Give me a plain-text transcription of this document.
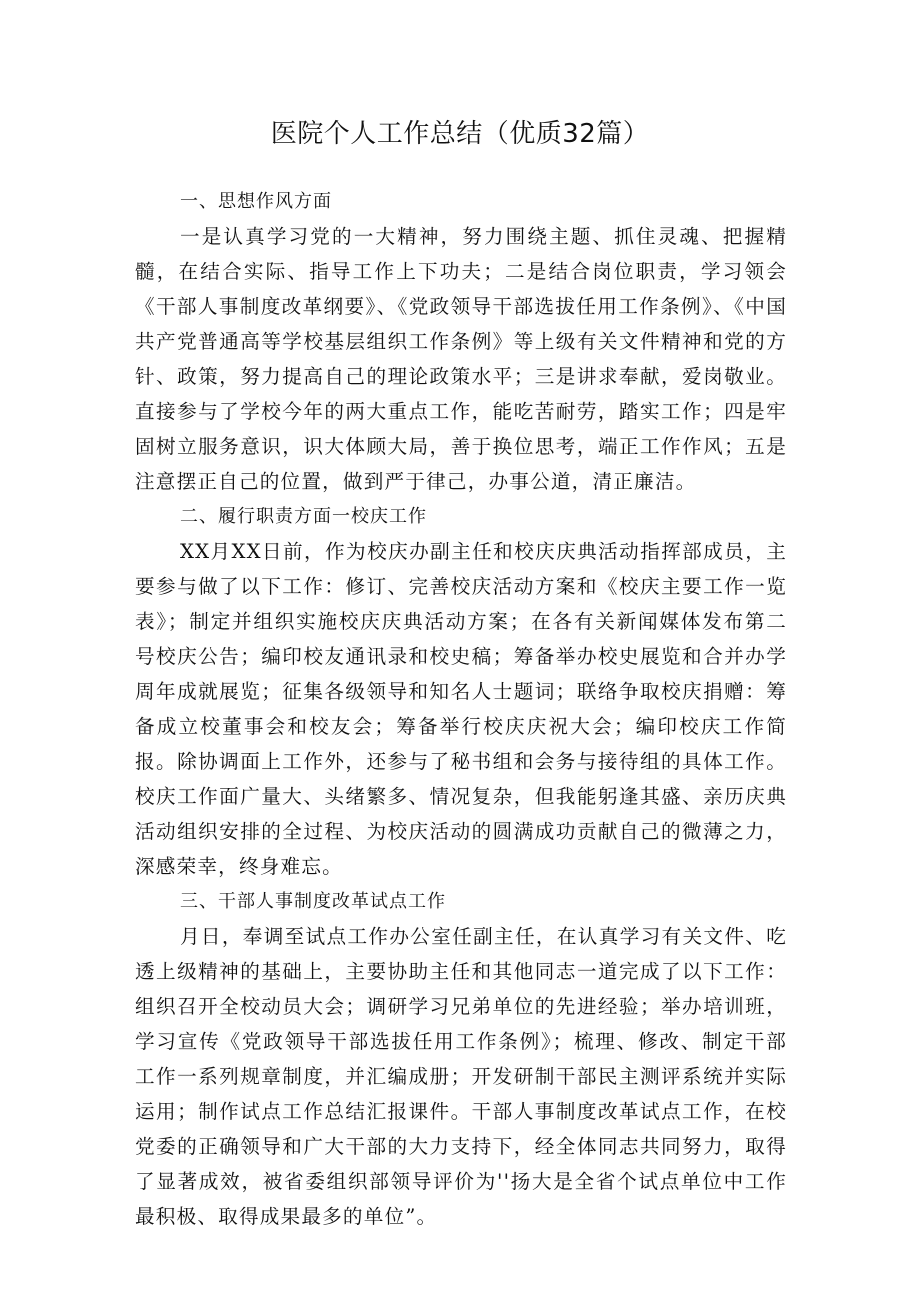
医院个人工作总结（优质32篇）

一、思想作风方面

一是认真学习党的一大精神，努力围绕主题、抓住灵魂、把握精髓，在结合实际、指导工作上下功夫；二是结合岗位职责，学习领会《干部人事制度改革纲要》、《党政领导干部选拔任用工作条例》、《中国共产党普通高等学校基层组织工作条例》等上级有关文件精神和党的方针、政策，努力提高自己的理论政策水平；三是讲求奉献，爱岗敬业。直接参与了学校今年的两大重点工作，能吃苦耐劳，踏实工作；四是牢固树立服务意识，识大体顾大局，善于换位思考，端正工作作风；五是注意摆正自己的位置，做到严于律己，办事公道，清正廉洁。

二、履行职责方面一校庆工作

XX月XX日前，作为校庆办副主任和校庆庆典活动指挥部成员，主要参与做了以下工作：修订、完善校庆活动方案和《校庆主要工作一览表》；制定并组织实施校庆庆典活动方案；在各有关新闻媒体发布第二号校庆公告；编印校友通讯录和校史稿；筹备举办校史展览和合并办学周年成就展览；征集各级领导和知名人士题词；联络争取校庆捐赠：筹备成立校董事会和校友会；筹备举行校庆庆祝大会；编印校庆工作简报。除协调面上工作外，还参与了秘书组和会务与接待组的具体工作。校庆工作面广量大、头绪繁多、情况复杂，但我能躬逢其盛、亲历庆典活动组织安排的全过程、为校庆活动的圆满成功贡献自己的微薄之力，深感荣幸，终身难忘。

三、干部人事制度改革试点工作

月日，奉调至试点工作办公室任副主任，在认真学习有关文件、吃透上级精神的基础上，主要协助主任和其他同志一道完成了以下工作：组织召开全校动员大会；调研学习兄弟单位的先进经验；举办培训班，学习宣传《党政领导干部选拔任用工作条例》；梳理、修改、制定干部工作一系列规章制度，并汇编成册；开发研制干部民主测评系统并实际运用；制作试点工作总结汇报课件。干部人事制度改革试点工作，在校党委的正确领导和广大干部的大力支持下，经全体同志共同努力，取得了显著成效，被省委组织部领导评价为''扬大是全省个试点单位中工作最积极、取得成果最多的单位”。
